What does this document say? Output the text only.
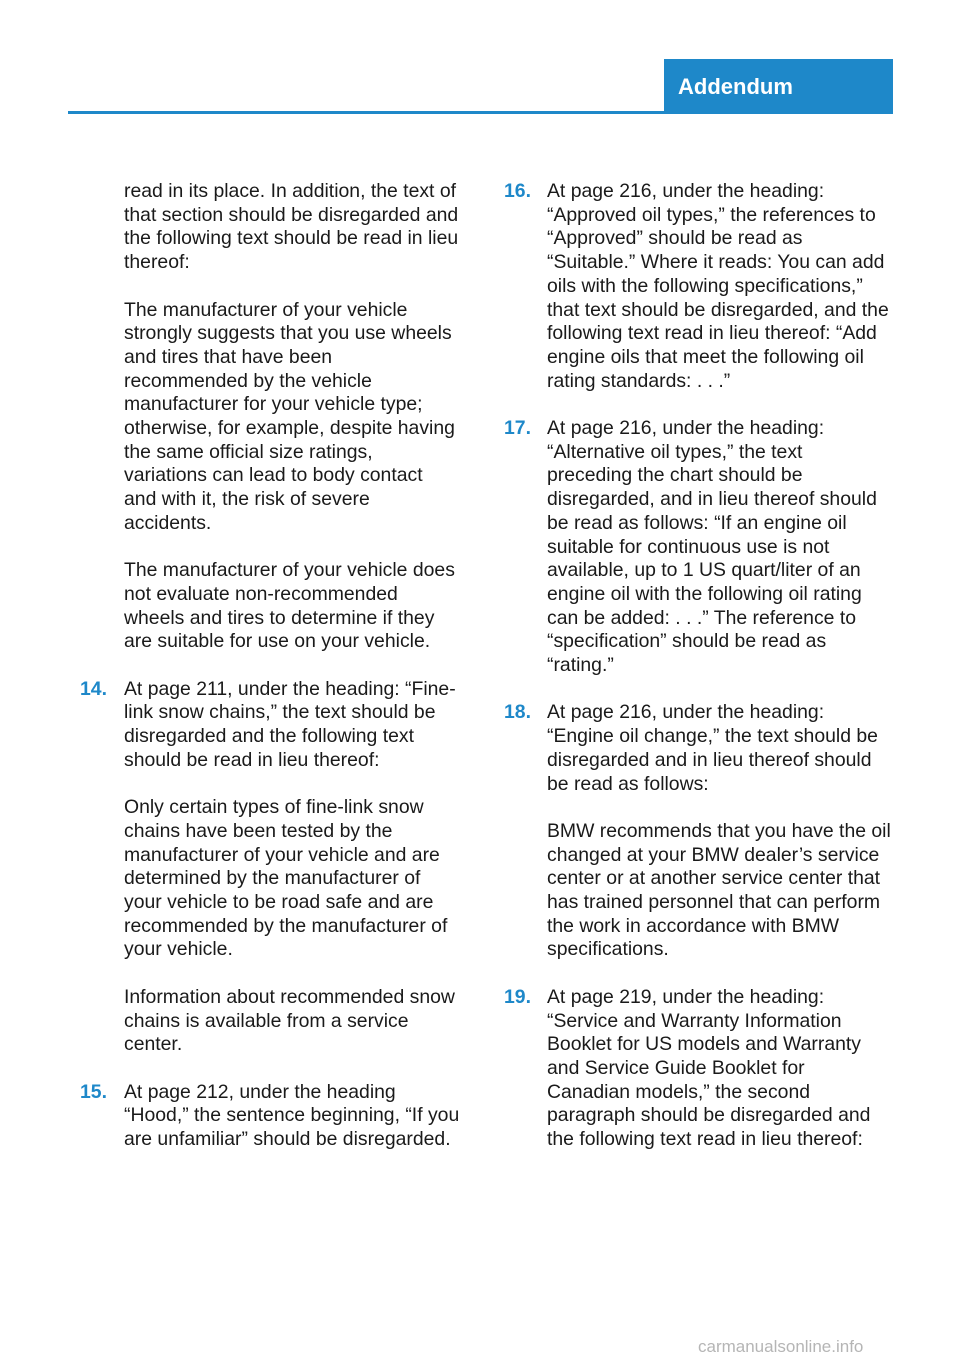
Addendum

read in its place. In addition, the text of that section should be disregarded and the following text should be read in lieu thereof:

The manufacturer of your vehicle strongly suggests that you use wheels and tires that have been recommended by the vehicle manufacturer for your vehicle type; otherwise, for example, despite having the same official size ratings, variations can lead to body contact and with it, the risk of severe accidents.

The manufacturer of your vehicle does not evaluate non-recommended wheels and tires to determine if they are suitable for use on your vehicle.

14. At page 211, under the heading: “Fine-link snow chains,” the text should be disregarded and the following text should be read in lieu thereof:

Only certain types of fine-link snow chains have been tested by the manufacturer of your vehicle and are determined by the manufacturer of your vehicle to be road safe and are recommended by the manufacturer of your vehicle.

Information about recommended snow chains is available from a service center.

15. At page 212, under the heading “Hood,” the sentence beginning, “If you are unfamiliar” should be disregarded.
16. At page 216, under the heading: “Approved oil types,” the references to “Approved” should be read as “Suitable.” Where it reads: You can add oils with the following specifications,” that text should be disregarded, and the following text read in lieu thereof: “Add engine oils that meet the following oil rating standards: . . .”
17. At page 216, under the heading: “Alternative oil types,” the text preceding the chart should be disregarded, and in lieu thereof should be read as follows: “If an engine oil suitable for continuous use is not available, up to 1 US quart/liter of an engine oil with the following oil rating can be added: . . .” The reference to “specification” should be read as “rating.”
18. At page 216, under the heading: “Engine oil change,” the text should be disregarded and in lieu thereof should be read as follows:

BMW recommends that you have the oil changed at your BMW dealer’s service center or at another service center that has trained personnel that can perform the work in accordance with BMW specifications.

19. At page 219, under the heading: “Service and Warranty Information Booklet for US models and Warranty and Service Guide Booklet for Canadian models,” the second paragraph should be disregarded and the following text read in lieu thereof:
carmanualsonline.info
